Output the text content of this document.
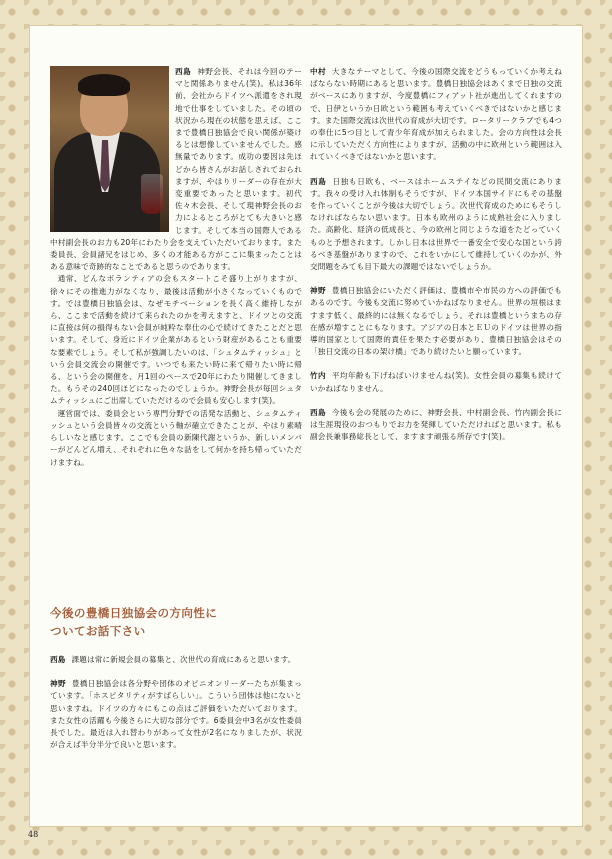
西島 神野会長、それは今回のテーマと関係ありません(笑)。私は36年前、会社からドイツへ派遣をされ現地で仕事をしていました。その頃の状況から現在の状態を思えば、ここまで豊橋日独協会で良い関係が築けるとは想像していませんでした。感無量であります。成功の要因は先ほどから皆さんがお話しされておられますが、やはりリーダーの存在が大変重要であったと思います。初代佐々木会長、そして現神野会長のお力によるところがとても大きいと感じます。そして本当の国際人である中村副会長のお力も20年にわたり会を支えていただいております。また委員長、会員諸兄をはじめ、多くの才能ある方がここに集まったことはある意味で奇跡的なことであると思うのであります。

通常、どんなボランティアの会もスタートこそ盛り上がりますが、徐々にその推進力がなくなり、最後は活動が小さくなっていくものです。では豊橋日独協会は、なぜモチベーションを長く高く維持しながら、ここまで活動を続けて来られたのかを考えますと、ドイツとの交流に直接は何の損得もない会員が純粋な奉仕の心で続けてきたことだと思います。そして、身近にドイツ企業があるという財産があることも重要な要素でしょう。そして私が強調したいのは、「シュタムティッシュ」という会員交流会の開催です。いつでも来たい時に来て帰りたい時に帰る、という会の開催を、月1回のペースで20年にわたり開催してきました。もうその240回ほどになったのでしょうか。神野会長が毎回シュタムティッシュにご出席していただけるので会員も安心します(笑)。

運営面では、委員会という専門分野での活発な活動と、シュタムティッシュという会員皆々の交流という軸が確立できたことが、やはり素晴らしいなと感じます。ここでも会員の新陳代謝というか、新しいメンバーがどんどん増え、それぞれに色々な話をして何かを持ち帰っていただけますね。

今後の豊橋日独協会の方向性に
ついてお話下さい

西島 課題は常に新規会員の募集と、次世代の育成にあると思います。

神野 豊橋日独協会は各分野や団体のオピニオンリーダーたちが集まっています。「ホスピタリティがすばらしい」。こういう団体は他にないと思いますね。ドイツの方々にもこの点はご評価をいただいております。また女性の活躍も今後さらに大切な部分です。6委員会中3名が女性委員長でした。最近は入れ替わりがあって女性が2名になりましたが、状況が合えば半分半分で良いと思います。

中村 大きなテーマとして、今後の国際交流をどうもっていくか考えねばならない時期にあると思います。豊橋日独協会はあくまで日独の交流がベースにありますが、今度豊橋にフィアット社が進出してくれますので、日伊というか日欧という範囲も考えていくべきではないかと感じます。また国際交流は次世代の育成が大切です。ロータリークラブでも4つの奉仕に5つ目として青少年育成が加えられました。会の方向性は会長に示していただく方向性によりますが、活動の中に欧州という範囲は入れていくべきではないかと思います。

西島 日独も日欧も、ベースはホームステイなどの民間交流にあります。我々の受け入れ体制もそうですが、ドイツ本国サイドにもその基盤を作っていくことが今後は大切でしょう。次世代育成のためにもそうしなければならない思います。日本も欧州のように成熟社会に入りました。高齢化、経済の低成長と、今の欧州と同じような道をたどっていくものと予想されます。しかし日本は世界で一番安全で安心な国という誇るべき基盤がありますので、これをいかにして維持していくのかが、外交問題をみても目下最大の課題ではないでしょうか。

神野 豊橋日独協会にいただく評価は、豊橋市や市民の方への評価でもあるのです。今後も交流に努めていかねばなりません。世界の垣根はますます低く、最終的には無くなるでしょう。それは豊橋というまちの存在感が増すことにもなります。アジアの日本とＥＵのドイツは世界の指導的国家として国際的責任を果たす必要があり、豊橋日独協会はその「独日交流の日本の架け橋」であり続けたいと願っています。

竹内 平均年齢も下げねばいけませんね(笑)。女性会員の募集も続けていかねばなりません。

西島 今後も会の発展のために、神野会長、中村副会長、竹内副会長には生涯現役のおつもりでお力を発揮していただければと思います。私も副会長兼事務総長として、ますます頑張る所存です(笑)。

48
